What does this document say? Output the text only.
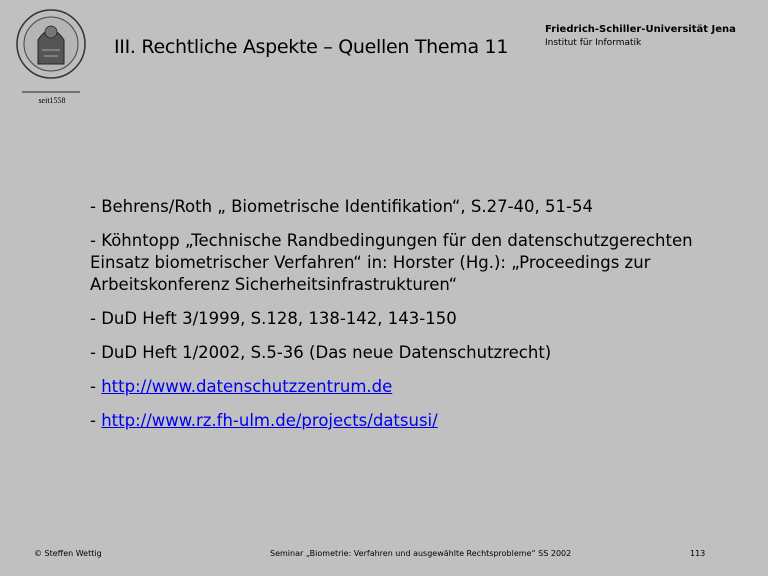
seit1558
III. Rechtliche Aspekte – Quellen Thema 11
Friedrich-Schiller-Universität Jena
Institut für Informatik
- Behrens/Roth „ Biometrische Identifikation“, S.27-40, 51-54
- Köhntopp „Technische Randbedingungen für den datenschutzgerechten Einsatz biometrischer Verfahren“ in: Horster (Hg.): „Proceedings zur Arbeitskonferenz Sicherheitsinfrastrukturen“
- DuD Heft 3/1999, S.128, 138-142, 143-150
- DuD Heft 1/2002, S.5-36 (Das neue Datenschutzrecht)
- http://www.datenschutzzentrum.de
- http://www.rz.fh-ulm.de/projects/datsusi/
© Steffen Wettig	Seminar „Biometrie: Verfahren und ausgewählte Rechtsprobleme“ SS 2002	113
